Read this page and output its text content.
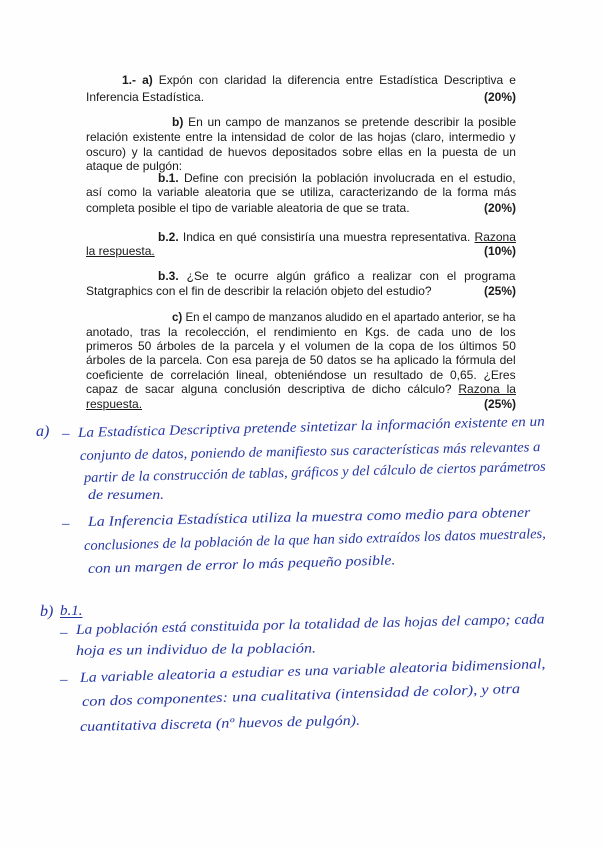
1.- a) Expón con claridad la diferencia entre Estadística Descriptiva e
Inferencia Estadística.	(20%)
b) En un campo de manzanos se pretende describir la posible
relación existente entre la intensidad de color de las hojas (claro, intermedio y
oscuro) y la cantidad de huevos depositados sobre ellas en la puesta de un
ataque de pulgón:
b.1. Define con precisión la población involucrada en el estudio,
así como la variable aleatoria que se utiliza, caracterizando de la forma más
completa posible el tipo de variable aleatoria de que se trata.	(20%)
b.2. Indica en qué consistiría una muestra representativa. Razona
la respuesta.	(10%)
b.3. ¿Se te ocurre algún gráfico a realizar con el programa
Statgraphics con el fin de describir la relación objeto del estudio?	(25%)
c) En el campo de manzanos aludido en el apartado anterior, se ha
anotado, tras la recolección, el rendimiento en Kgs. de cada uno de los
primeros 50 árboles de la parcela y el volumen de la copa de los últimos 50
árboles de la parcela. Con esa pareja de 50 datos se ha aplicado la fórmula del
coeficiente de correlación lineal, obteniéndose un resultado de 0,65. ¿Eres
capaz de sacar alguna conclusión descriptiva de dicho cálculo? Razona la
respuesta.	(25%)
a) – La Estadística Descriptiva pretende sintetizar la información existente en un
conjunto de datos, poniendo de manifiesto sus características más relevantes a
partir de la construcción de tablas, gráficos y del cálculo de ciertos parámetros
de resumen.
– La Inferencia Estadística utiliza la muestra como medio para obtener
conclusiones de la población de la que han sido extraídos los datos muestrales,
con un margen de error lo más pequeño posible.
b) b.1.
– La población está constituida por la totalidad de las hojas del campo; cada
hoja es un individuo de la población.
– La variable aleatoria a estudiar es una variable aleatoria bidimensional,
con dos componentes: una cualitativa (intensidad de color), y otra
cuantitativa discreta (nº huevos de pulgón).
